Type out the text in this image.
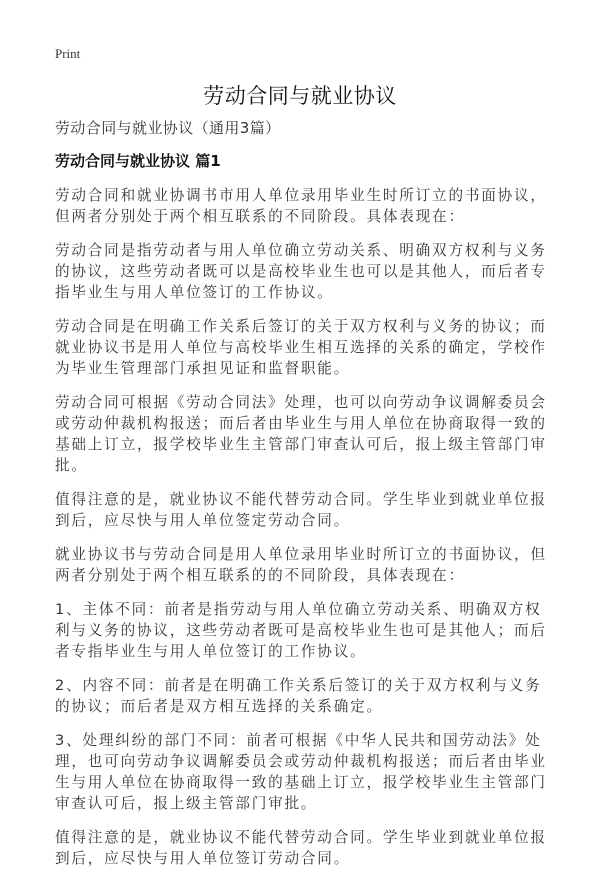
Print
劳动合同与就业协议

劳动合同与就业协议（通用3篇）

劳动合同与就业协议 篇1

劳动合同和就业协调书市用人单位录用毕业生时所订立的书面协议，但两者分别处于两个相互联系的不同阶段。具体表现在：

劳动合同是指劳动者与用人单位确立劳动关系、明确双方权利与义务的协议，这些劳动者既可以是高校毕业生也可以是其他人，而后者专指毕业生与用人单位签订的工作协议。

劳动合同是在明确工作关系后签订的关于双方权利与义务的协议；而就业协议书是用人单位与高校毕业生相互选择的关系的确定，学校作为毕业生管理部门承担见证和监督职能。

劳动合同可根据《劳动合同法》处理，也可以向劳动争议调解委员会或劳动仲裁机构报送；而后者由毕业生与用人单位在协商取得一致的基础上订立，报学校毕业生主管部门审查认可后，报上级主管部门审批。

值得注意的是，就业协议不能代替劳动合同。学生毕业到就业单位报到后，应尽快与用人单位签定劳动合同。

就业协议书与劳动合同是用人单位录用毕业时所订立的书面协议，但两者分别处于两个相互联系的的不同阶段，具体表现在：

1、主体不同：前者是指劳动与用人单位确立劳动关系、明确双方权利与义务的协议，这些劳动者既可是高校毕业生也可是其他人；而后者专指毕业生与用人单位签订的工作协议。

2、内容不同：前者是在明确工作关系后签订的关于双方权利与义务的协议；而后者是双方相互选择的关系确定。

3、处理纠纷的部门不同：前者可根据《中华人民共和国劳动法》处理，也可向劳动争议调解委员会或劳动仲裁机构报送；而后者由毕业生与用人单位在协商取得一致的基础上订立，报学校毕业生主管部门审查认可后，报上级主管部门审批。

值得注意的是，就业协议不能代替劳动合同。学生毕业到就业单位报到后，应尽快与用人单位签订劳动合同。
